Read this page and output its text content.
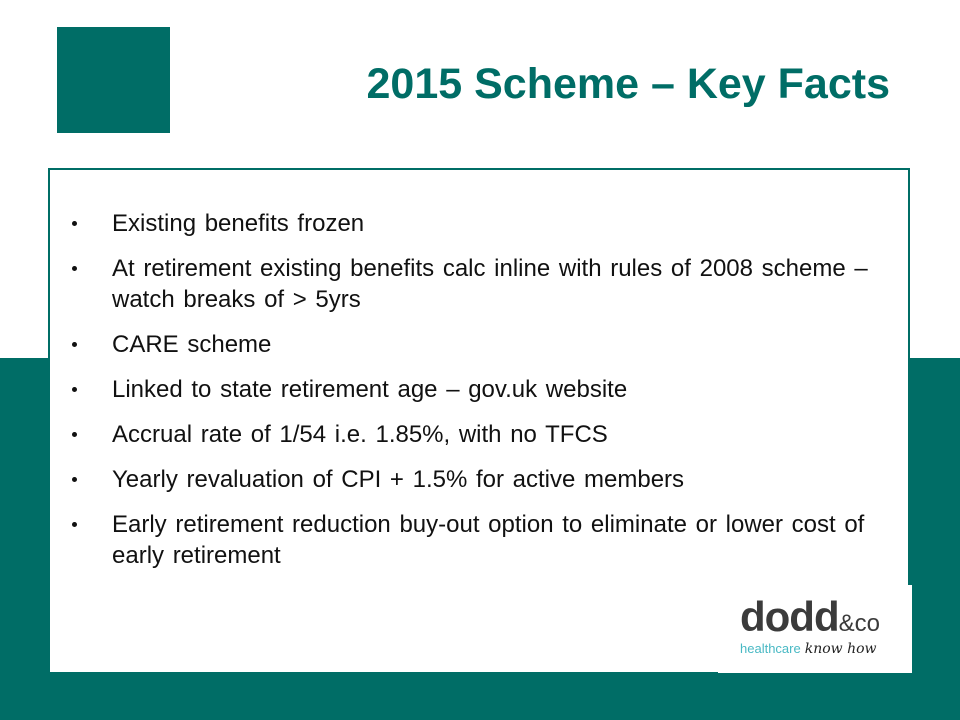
2015 Scheme – Key Facts
Existing benefits frozen
At retirement existing benefits calc inline with rules of 2008 scheme – watch breaks of > 5yrs
CARE scheme
Linked to state retirement age – gov.uk website
Accrual rate of 1/54 i.e. 1.85%, with no TFCS
Yearly revaluation of CPI + 1.5% for active members
Early retirement reduction buy-out option to eliminate or lower cost of early retirement
dodd&co
healthcare know how
